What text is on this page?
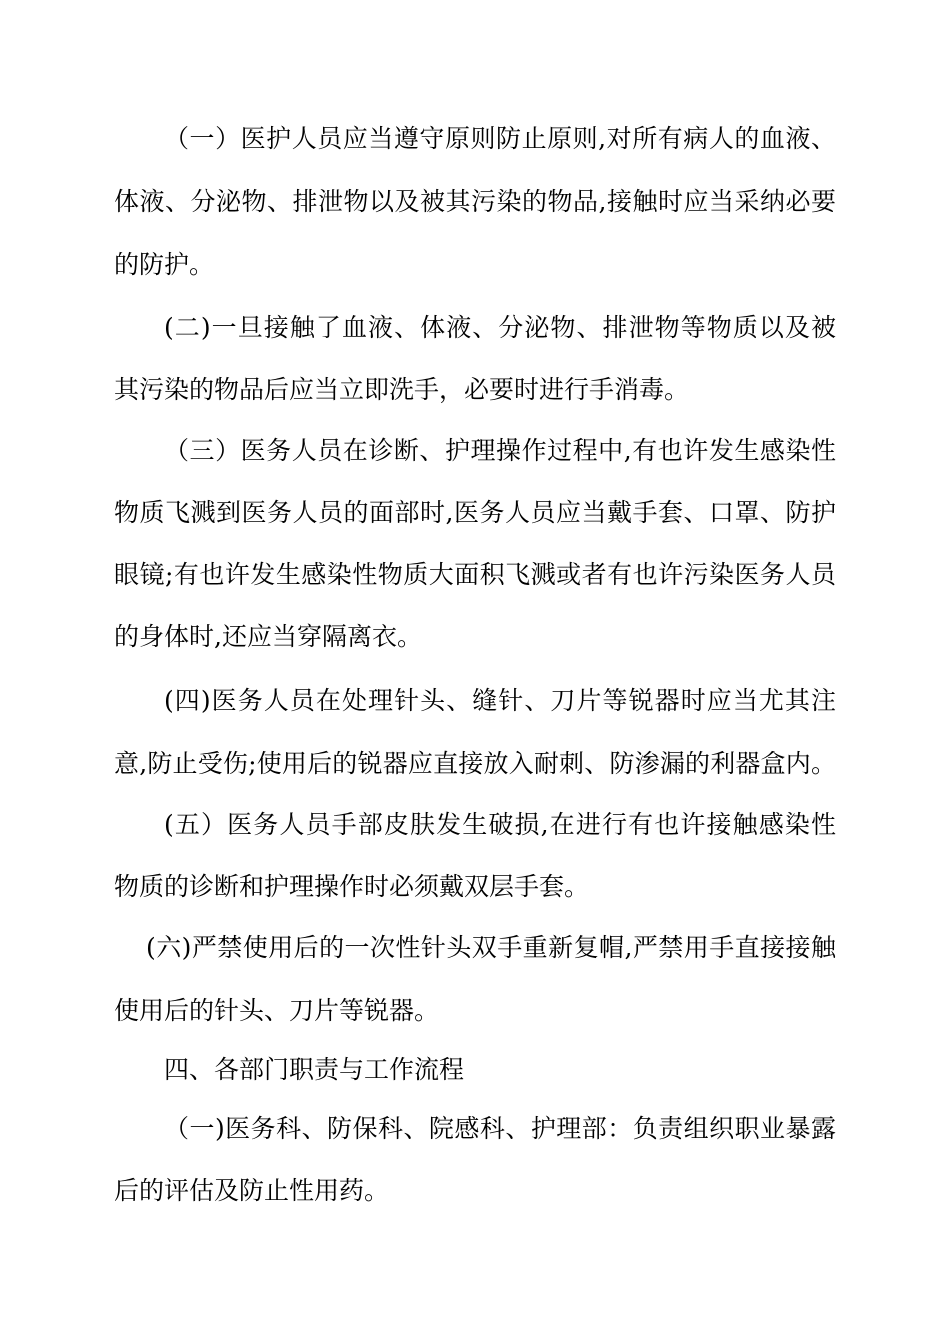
（一）医护人员应当遵守原则防止原则,对所有病人的血液、
体液、分泌物、排泄物以及被其污染的物品,接触时应当采纳必要
的防护。
(二)一旦接触了血液、体液、分泌物、排泄物等物质以及被
其污染的物品后应当立即洗手，必要时进行手消毒。
（三）医务人员在诊断、护理操作过程中,有也许发生感染性
物质飞溅到医务人员的面部时,医务人员应当戴手套、口罩、防护
眼镜;有也许发生感染性物质大面积飞溅或者有也许污染医务人员
的身体时,还应当穿隔离衣。
(四)医务人员在处理针头、缝针、刀片等锐器时应当尤其注
意,防止受伤;使用后的锐器应直接放入耐刺、防渗漏的利器盒内。
(五）医务人员手部皮肤发生破损,在进行有也许接触感染性
物质的诊断和护理操作时必须戴双层手套。
(六)严禁使用后的一次性针头双手重新复帽,严禁用手直接接触
使用后的针头、刀片等锐器。
四、各部门职责与工作流程
（一)医务科、防保科、院感科、护理部：负责组织职业暴露
后的评估及防止性用药。
